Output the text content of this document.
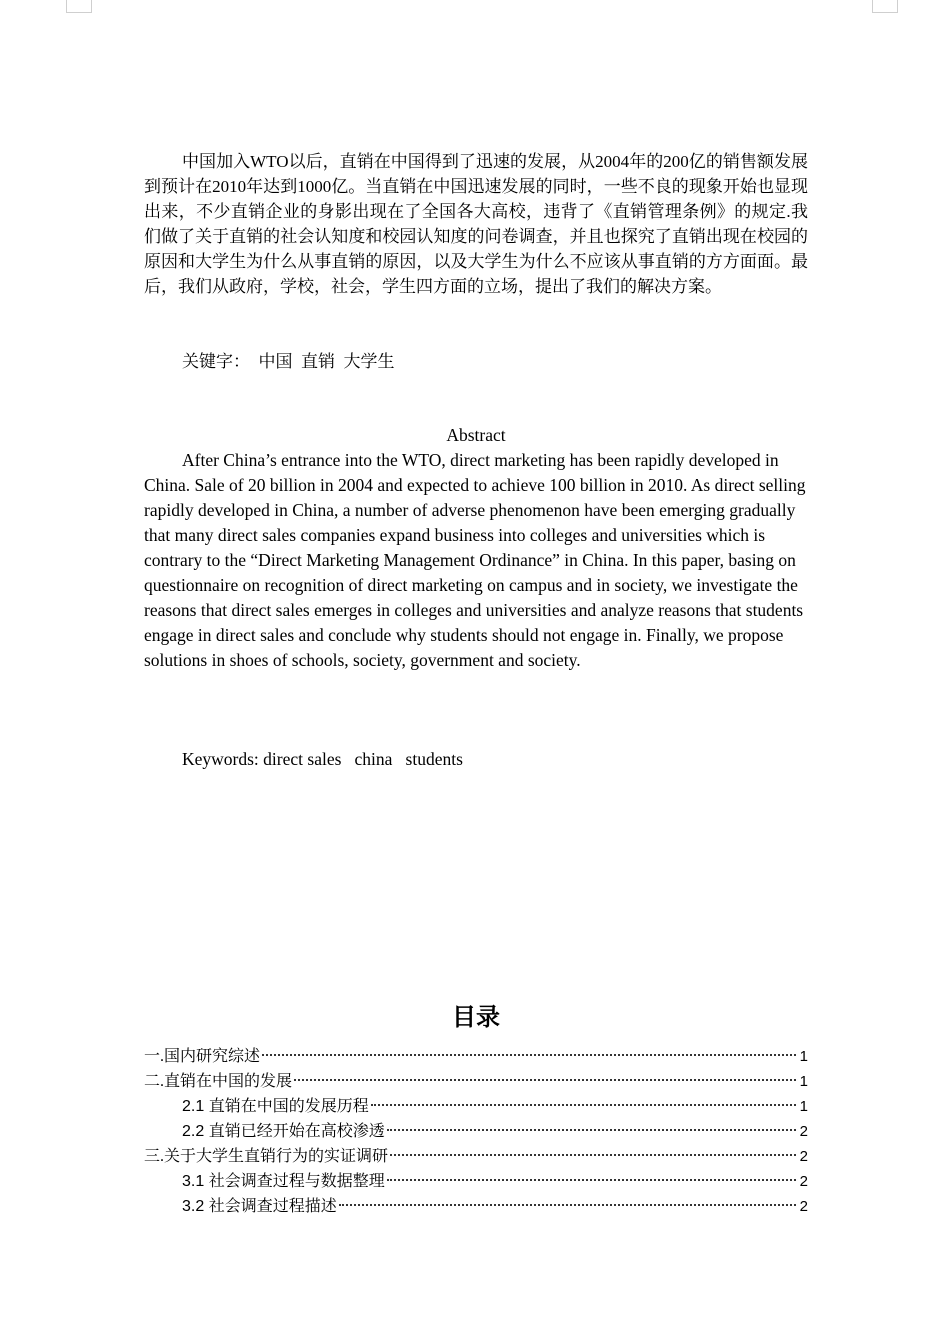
中国加入WTO以后，直销在中国得到了迅速的发展，从2004年的200亿的销售额发展到预计在2010年达到1000亿。当直销在中国迅速发展的同时，一些不良的现象开始也显现出来，不少直销企业的身影出现在了全国各大高校，违背了《直销管理条例》的规定.我们做了关于直销的社会认知度和校园认知度的问卷调查，并且也探究了直销出现在校园的原因和大学生为什么从事直销的原因，以及大学生为什么不应该从事直销的方方面面。最后，我们从政府，学校，社会，学生四方面的立场，提出了我们的解决方案。

关键字： 中国  直销  大学生
Abstract

After China’s entrance into the WTO, direct marketing has been rapidly developed in China. Sale of 20 billion in 2004 and expected to achieve 100 billion in 2010. As direct selling rapidly developed in China, a number of adverse phenomenon have been emerging gradually that many direct sales companies expand business into colleges and universities which is contrary to the “Direct Marketing Management Ordinance” in China. In this paper, basing on questionnaire on recognition of direct marketing on campus and in society, we investigate the reasons that direct sales emerges in colleges and universities and analyze reasons that students engage in direct sales and conclude why students should not engage in. Finally, we propose solutions in shoes of schools, society, government and society.

Keywords: direct sales   china   students
目录
一.国内研究综述	1
二.直销在中国的发展	1
2.1 直销在中国的发展历程	1
2.2 直销已经开始在高校渗透	2
三.关于大学生直销行为的实证调研	2
3.1 社会调查过程与数据整理	2
3.2 社会调查过程描述	2
